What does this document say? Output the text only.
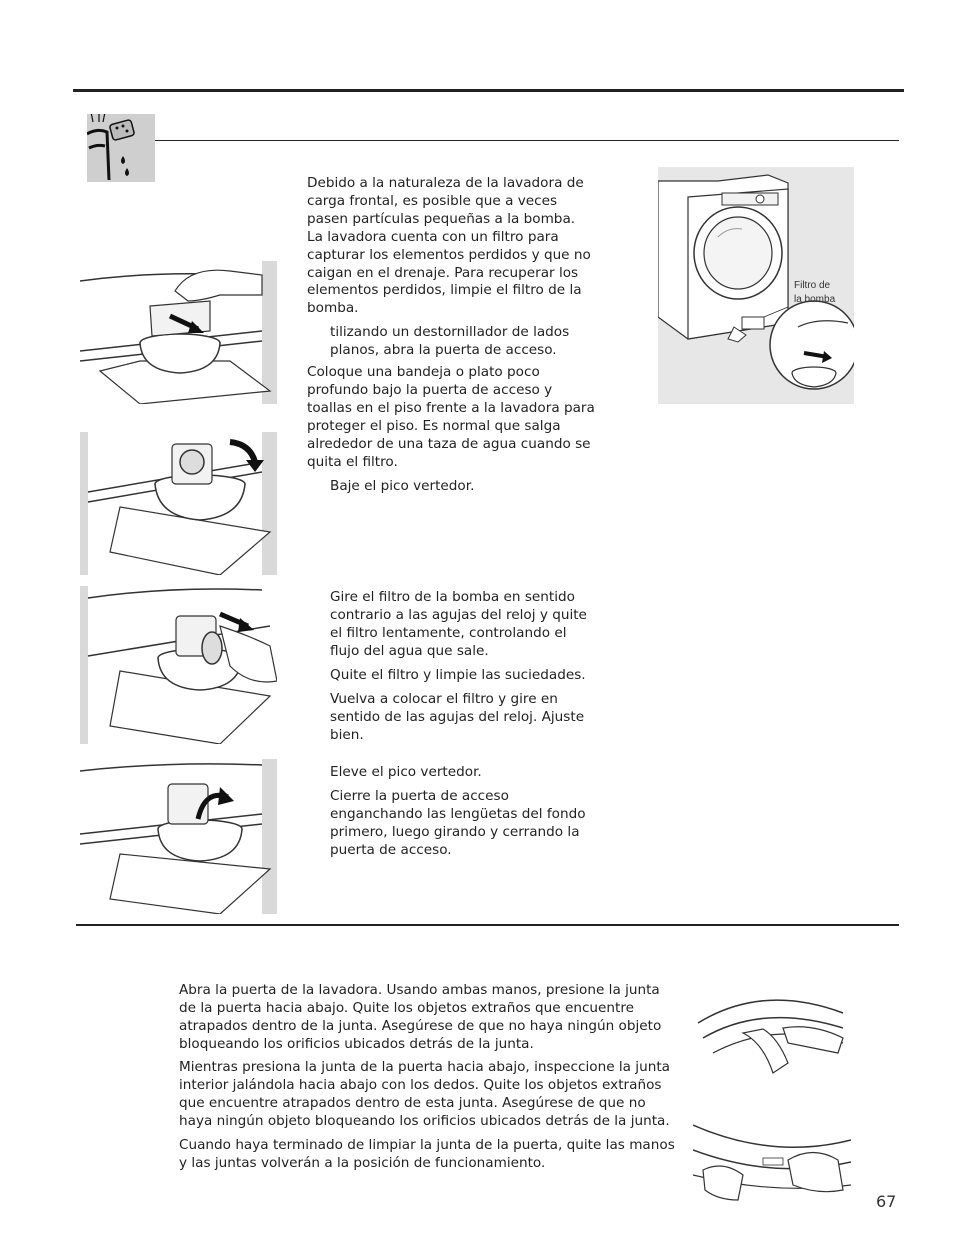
Debido a la naturaleza de la lavadora de carga frontal, es posible que a veces pasen partículas pequeñas a la bomba. La lavadora cuenta con un filtro para capturar los elementos perdidos y que no caigan en el drenaje. Para recuperar los elementos perdidos, limpie el filtro de la bomba.

tilizando un destornillador de lados planos, abra la puerta de acceso.

Coloque una bandeja o plato poco profundo bajo la puerta de acceso y toallas en el piso frente a la lavadora para proteger el piso. Es normal que salga alrededor de una taza de agua cuando se quita el filtro.

Baje el pico vertedor.

Gire el filtro de la bomba en sentido contrario a las agujas del reloj y quite el filtro lentamente, controlando el flujo del agua que sale.

Quite el filtro y limpie las suciedades.

Vuelva a colocar el filtro y gire en sentido de las agujas del reloj. Ajuste bien.

Eleve el pico vertedor.

Cierre la puerta de acceso enganchando las lengüetas del fondo primero, luego girando y cerrando la puerta de acceso.

Filtro de
la bomba

Abra la puerta de la lavadora. Usando ambas manos, presione la junta de la puerta hacia abajo. Quite los objetos extraños que encuentre atrapados dentro de la junta. Asegúrese de que no haya ningún objeto bloqueando los orificios ubicados detrás de la junta.

Mientras presiona la junta de la puerta hacia abajo, inspeccione la junta interior jalándola hacia abajo con los dedos. Quite los objetos extraños que encuentre atrapados dentro de esta junta. Asegúrese de que no haya ningún objeto bloqueando los orificios ubicados detrás de la junta.

Cuando haya terminado de limpiar la junta de la puerta, quite las manos y las juntas volverán a la posición de funcionamiento.

67
